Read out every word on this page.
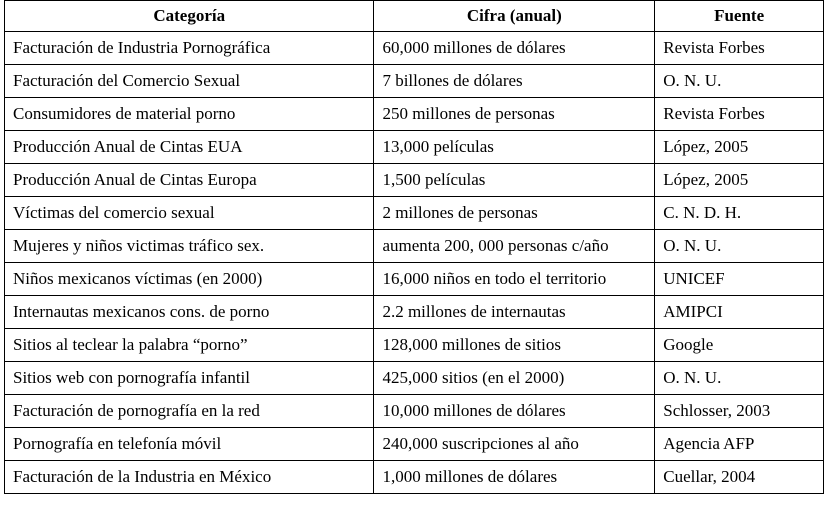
Categoría	Cifra (anual)	Fuente
Facturación de Industria Pornográfica	60,000 millones de dólares	Revista Forbes
Facturación del Comercio Sexual	7 billones de dólares	O. N. U.
Consumidores de material porno	250 millones de personas	Revista Forbes
Producción Anual de Cintas EUA	13,000 películas	López, 2005
Producción Anual de Cintas Europa	1,500 películas	López, 2005
Víctimas del comercio sexual	2 millones de personas	C. N. D. H.
Mujeres y niños victimas tráfico sex.	aumenta 200, 000 personas c/año	O. N. U.
Niños mexicanos víctimas (en 2000)	16,000 niños en todo el territorio	UNICEF
Internautas mexicanos cons. de porno	2.2 millones de internautas	AMIPCI
Sitios al teclear la palabra “porno”	128,000 millones de sitios	Google
Sitios web con pornografía infantil	425,000 sitios (en el 2000)	O. N. U.
Facturación de pornografía en la red	10,000 millones de dólares	Schlosser, 2003
Pornografía en telefonía móvil	240,000 suscripciones al año	Agencia AFP
Facturación de la Industria en México	1,000 millones de dólares	Cuellar, 2004
